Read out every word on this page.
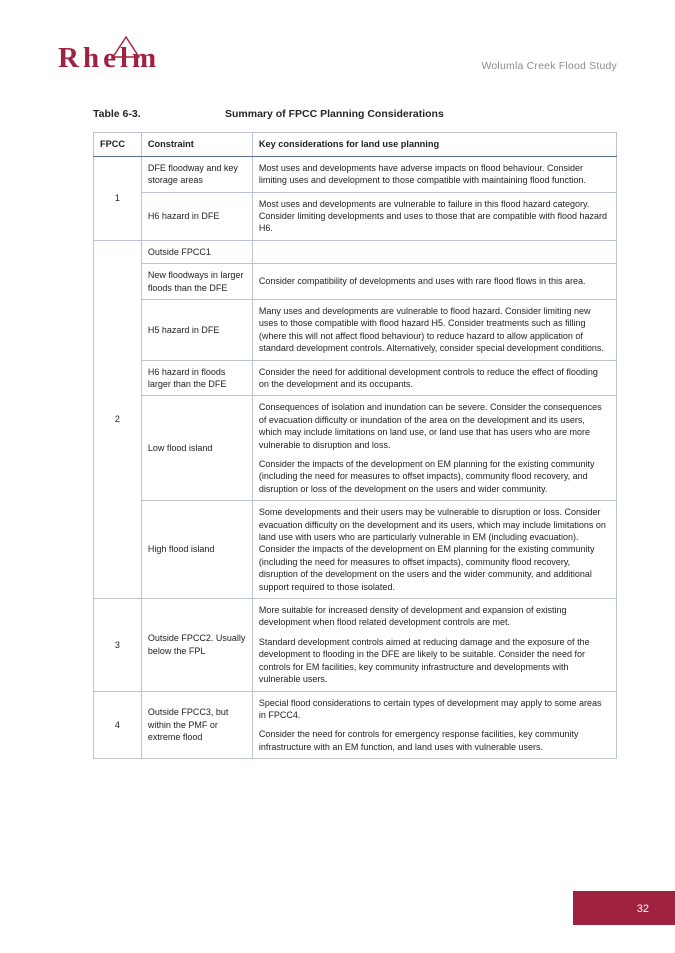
Rhelm	Wolumla Creek Flood Study
Table 6-3.	Summary of FPCC Planning Considerations
FPCC	Constraint	Key considerations for land use planning
1	DFE floodway and key storage areas	Most uses and developments have adverse impacts on flood behaviour. Consider limiting uses and development to those compatible with maintaining flood function.

	H6 hazard in DFE	Most uses and developments are vulnerable to failure in this flood hazard category. Consider limiting developments and uses to those that are compatible with flood hazard H6.

2	Outside FPCC1	

	New floodways in larger floods than the DFE	Consider compatibility of developments and uses with rare flood flows in this area.

	H5 hazard in DFE	Many uses and developments are vulnerable to flood hazard. Consider limiting new uses to those compatible with flood hazard H5. Consider treatments such as filling (where this will not affect flood behaviour) to reduce hazard to allow application of standard development controls. Alternatively, consider special development conditions.

	H6 hazard in floods larger than the DFE	Consider the need for additional development controls to reduce the effect of flooding on the development and its occupants.

	Low flood island	Consequences of isolation and inundation can be severe. Consider the consequences of evacuation difficulty or inundation of the area on the development and its users, which may include limitations on land use, or land use that has users who are more vulnerable to disruption and loss.

Consider the impacts of the development on EM planning for the existing community (including the need for measures to offset impacts), community flood recovery, and disruption or loss of the development on the users and wider community.

	High flood island	Some developments and their users may be vulnerable to disruption or loss. Consider evacuation difficulty on the development and its users, which may include limitations on land use with users who are particularly vulnerable in EM (including evacuation). Consider the impacts of the development on EM planning for the existing community (including the need for measures to offset impacts), community flood recovery, disruption of the development on the users and the wider community, and additional support required to those isolated.

3	Outside FPCC2. Usually below the FPL	More suitable for increased density of development and expansion of existing development when flood related development controls are met.

Standard development controls aimed at reducing damage and the exposure of the development to flooding in the DFE are likely to be suitable. Consider the need for controls for EM facilities, key community infrastructure and developments with vulnerable users.

4	Outside FPCC3, but within the PMF or extreme flood	Special flood considerations to certain types of development may apply to some areas in FPCC4.

Consider the need for controls for emergency response facilities, key community infrastructure with an EM function, and land uses with vulnerable users.

32
